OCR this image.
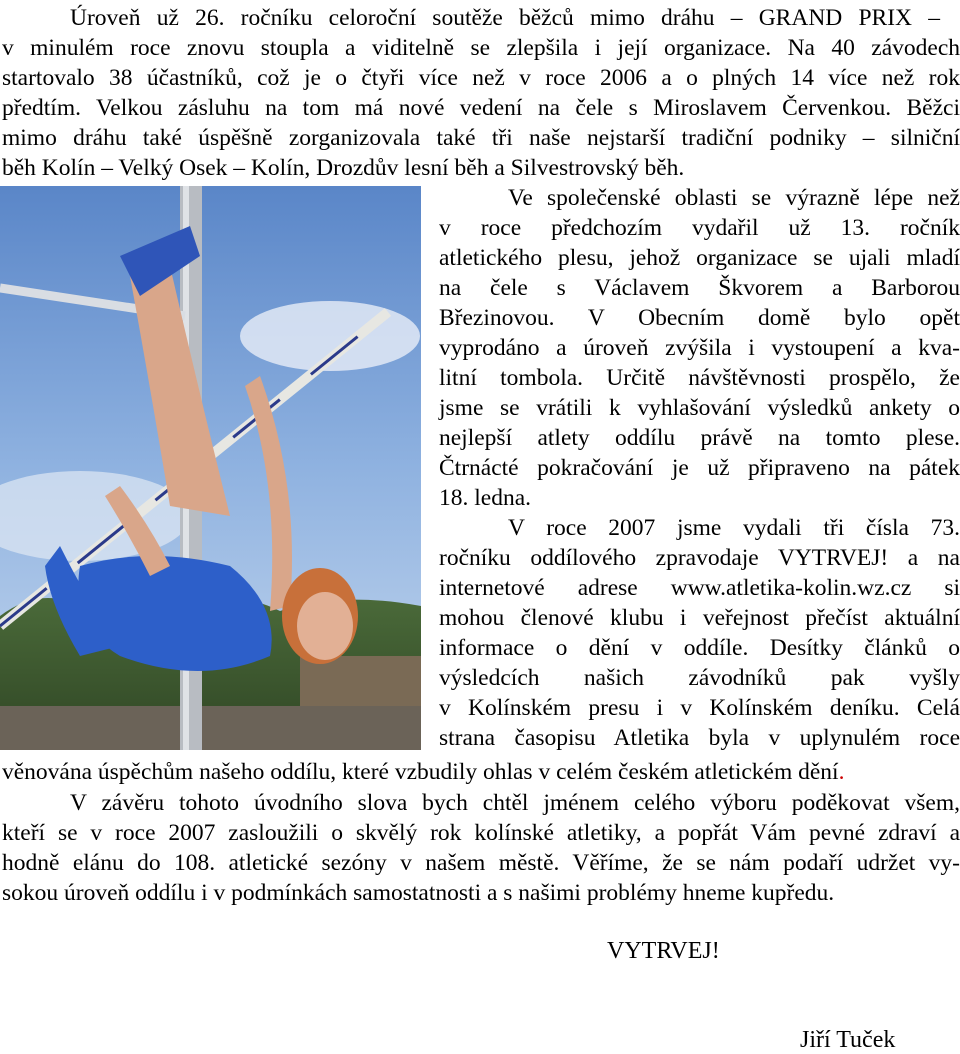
Úroveň už 26. ročníku celoroční soutěže běžců mimo dráhu – GRAND PRIX –
v minulém roce znovu stoupla a viditelně se zlepšila i její organizace. Na 40 závodech
startovalo 38 účastníků, což je o čtyři více než v roce 2006 a o plných 14 více než rok
předtím. Velkou zásluhu na tom má nové vedení na čele s Miroslavem Červenkou. Běžci
mimo dráhu také úspěšně zorganizovala také tři naše nejstarší tradiční podniky – silniční
běh Kolín – Velký Osek – Kolín, Drozdův lesní běh a Silvestrovský běh.
Tereza Šlezová
Ve společenské oblasti se výrazně lépe než
v roce předchozím vydařil už 13. ročník
atletického plesu, jehož organizace se ujali mladí
na čele s Václavem Škvorem a Barborou
Březinovou. V Obecním domě bylo opět
vyprodáno a úroveň zvýšila i vystoupení a kva-
litní tombola. Určitě návštěvnosti prospělo, že
jsme se vrátili k vyhlašování výsledků ankety o
nejlepší atlety oddílu právě na tomto plese.
Čtrnácté pokračování je už připraveno na pátek
18. ledna.
V roce 2007 jsme vydali tři čísla 73.
ročníku oddílového zpravodaje VYTRVEJ! a na
internetové adrese www.atletika-kolin.wz.cz si
mohou členové klubu i veřejnost přečíst aktuální
informace o dění v oddíle. Desítky článků o
výsledcích našich závodníků pak vyšly
v Kolínském presu i v Kolínském deníku. Celá
strana časopisu Atletika byla v uplynulém roce
věnována úspěchům našeho oddílu, které vzbudily ohlas v celém českém atletickém dění.
V závěru tohoto úvodního slova bych chtěl jménem celého výboru poděkovat všem,
kteří se v roce 2007 zasloužili o skvělý rok kolínské atletiky, a popřát Vám pevné zdraví a
hodně elánu do 108. atletické sezóny v našem městě. Věříme, že se nám podaří udržet vy-
sokou úroveň oddílu i v podmínkách samostatnosti a s našimi problémy hneme kupředu.
VYTRVEJ!
Jiří Tuček
